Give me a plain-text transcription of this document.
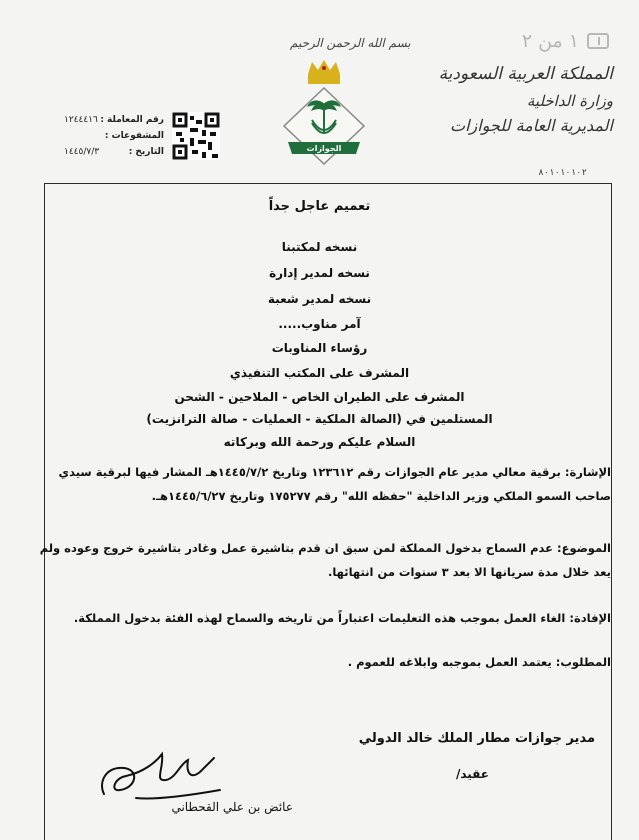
١ من ٢
المملكة العربية السعودية
وزارة الداخلية
المديرية العامة للجوازات
٨٠١٠١٠١٠٢
بسم الله الرحمن الرحيم
الجوازات
رقم المعاملة :
١٢٤٤٤١٦
المشفوعات :
التاريخ :
١٤٤٥/٧/٣
تعميم عاجل جداً
نسخه لمكتبنا
نسخه لمدير إدارة
نسخه لمدير شعبة
آمر مناوب.....
رؤساء المناوبات
المشرف على المكتب التنفيذي
المشرف على الطيران الخاص - الملاحين - الشحن
المستلمين في (الصالة الملكية - العمليات - صالة الترانزيت)
السلام عليكم ورحمة الله وبركاته
الإشارة: برقية معالي مدير عام الجوازات رقم ١٢٣٦١٢ وتاريخ ١٤٤٥/٧/٢هـ المشار فيها لبرقية سيدي صاحب السمو الملكي وزير الداخلية "حفظه الله" رقم ١٧٥٢٧٧ وتاريخ ١٤٤٥/٦/٢٧هـ.
الموضوع: عدم السماح بدخول المملكة لمن سبق ان قدم بتاشيرة عمل وغادر بتاشيرة خروج وعوده ولم يعد خلال مدة سريانها الا بعد ٣ سنوات من انتهائها.
الإفادة: الغاء العمل بموجب هذه التعليمات اعتباراً من تاريخه والسماح لهذه الفئة بدخول المملكة.
المطلوب: يعتمد العمل بموجبه وابلاغه للعموم .
مدير جوازات مطار الملك خالد الدولي
عقيد/
عائض بن علي القحطاني
